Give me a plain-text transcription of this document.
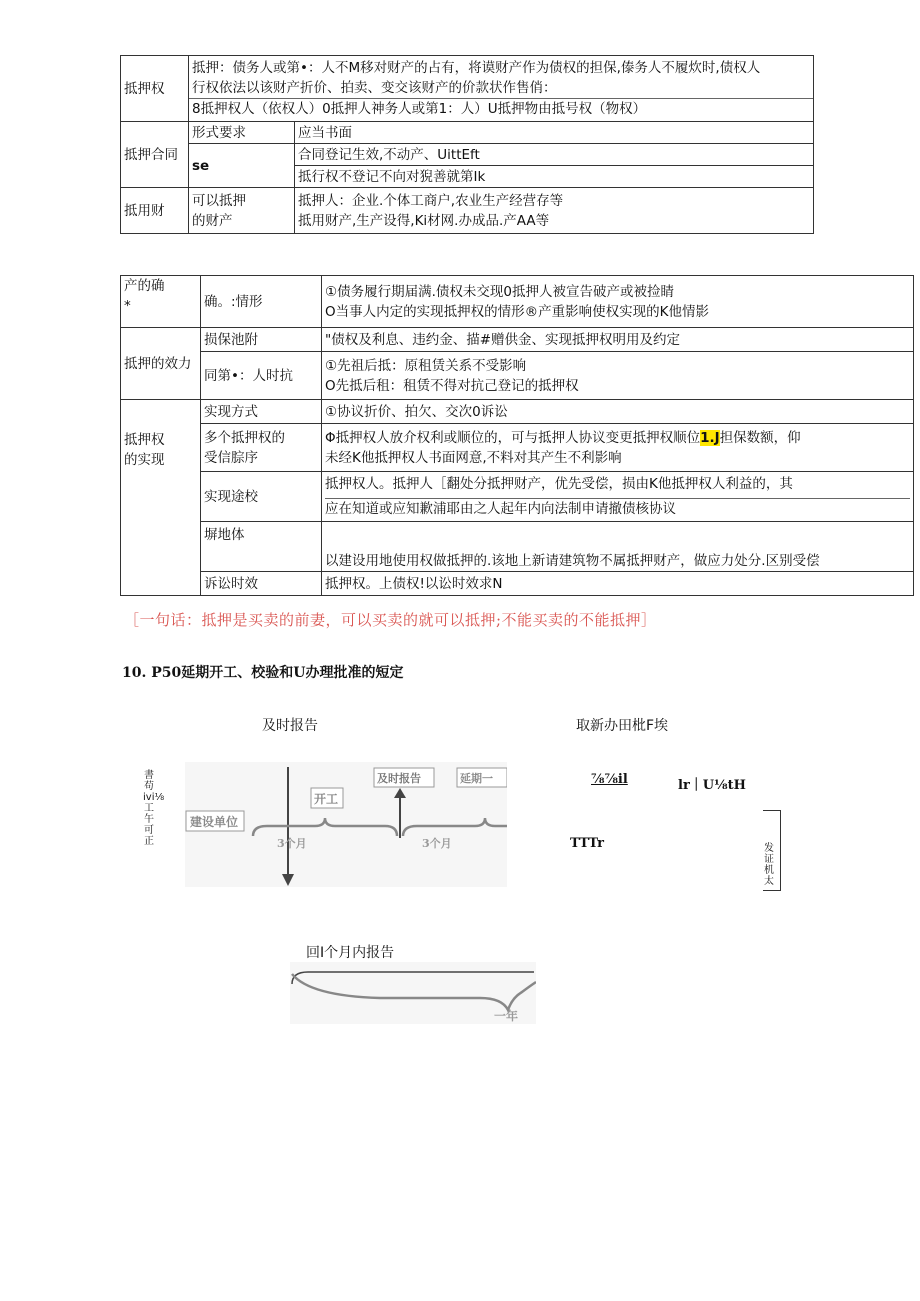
抵押权	抵押：债务人或第•：人不M移对财产的占有，将谟财产作为债权的担保,傣务人不履炊时,债权人
行权依法以该财产折价、拍卖、变交该财产的价款状作售俏：
8抵押权人（依权人）0抵押人神务人或第1：人）U抵押物由抵号权（物权）	

抵押合同	形式要求	应当书面
	se	合同登记生效,不动产、UittEft
		抵行权不登记不向对猊善就第Ik
抵用财	可以抵押
的财产	抵押人：企业.个体工商户,农业生产经营存等
抵用财产,生产设得,Ki材网.办成品.产AA等
产的确
*	确。:情形	①债务履行期届满.债权未交现0抵押人被宣告破产或被捡睛
O当事人内定的实现抵押权的情形®产重影响使权实现的K他情影

抵押的效力	损保池附	"债权及利息、违约金、描#赠供金、实现抵押权明用及约定
	同第•：人时抗	①先祖后抵：原租赁关系不受影响
O先抵后租：租赁不得对抗己登记的抵押权

抵押权
的实现	实现方式	①协议折价、拍欠、交次0诉讼

	多个抵押权的
受信腙序	Φ抵押权人放介权利或顺位的，可与抵押人协议变更抵押权顺位1.J担保数额，仰
未经K他抵押权人书面网意,不料对其产生不利影响

	实现途校	抵押权人。抵押人［翻处分抵押财产，优先受偿，损由K他抵押权人利益的，其
应在知道或应知歉浦耶由之人起年内向法制申请撤债核协议

	塀地体	以建设用地使用权做抵押的.该地上新请建筑物不属抵押财产，做应力处分.区别受偿
	诉讼时效	抵押权。上债权!以讼时效求N
［一句话：抵押是买卖的前妻，可以买卖的就可以抵押;不能买卖的不能抵押］
10. P50延期开工、校验和U办理批准的短定
及时报告	取新办田枇F埃
書苟ivi⅛ 工午可正
建设单位
开工
及时报告	延期一
3个月	3个月
⅞⅞il	lr｜U⅛tH
TTTr	发证机太
回I个月内报告
一年
